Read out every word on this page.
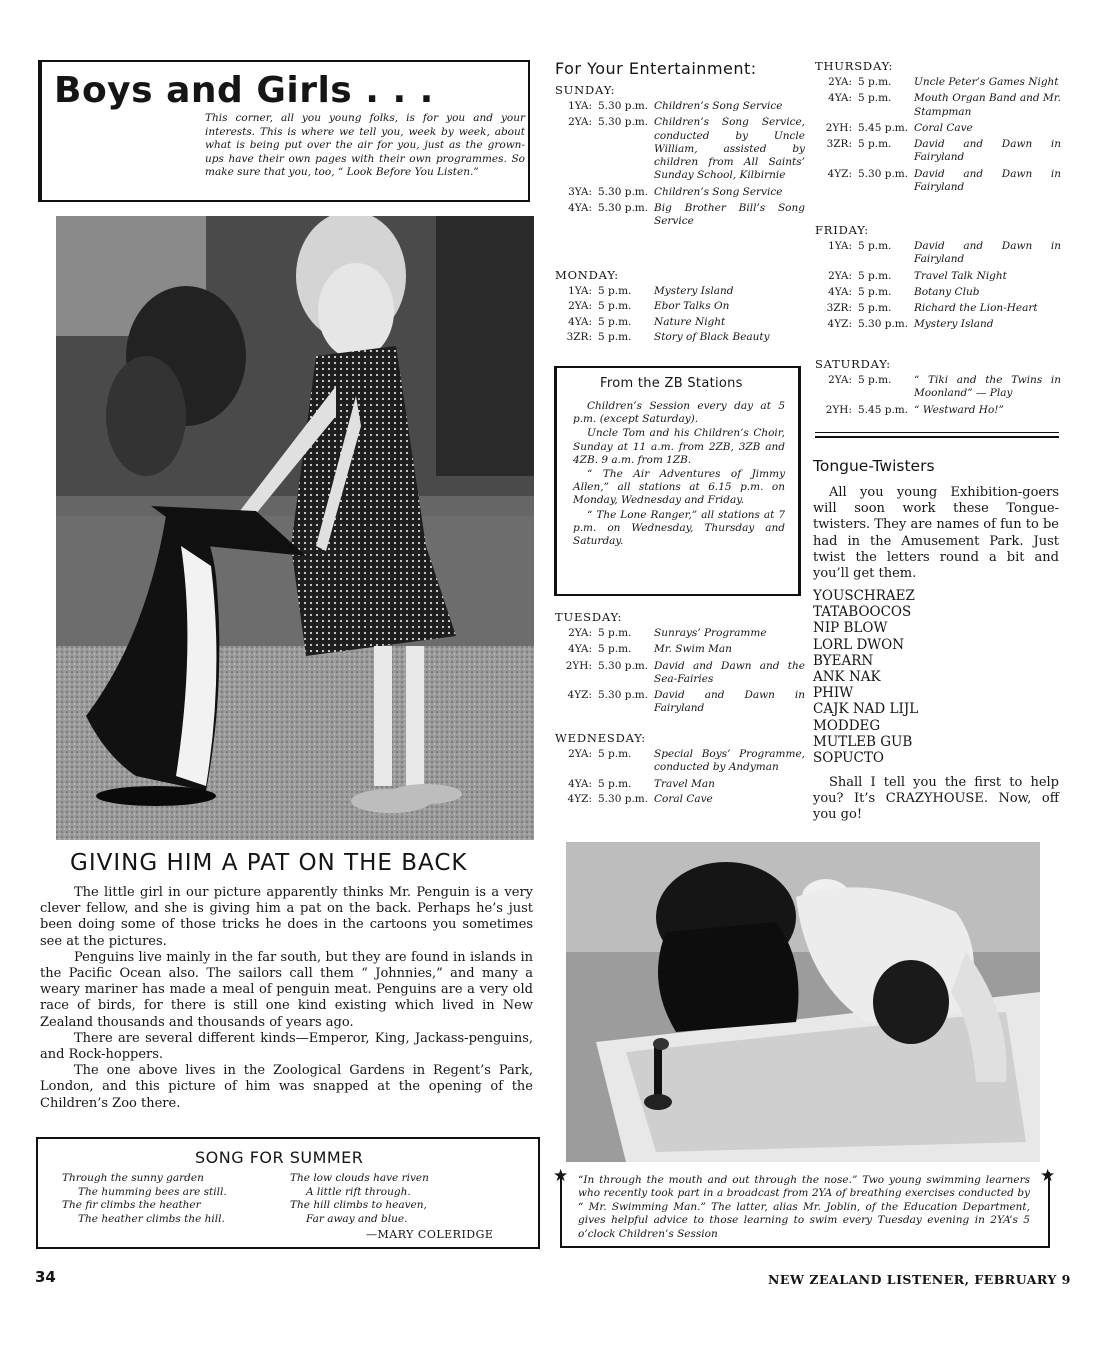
Boys and Girls . . .
This corner, all you young folks, is for you and your interests. This is where we tell you, week by week, about what is being put over the air for you, just as the grown-ups have their own pages with their own programmes. So make sure that you, too, “ Look Before You Listen.”
GIVING HIM A PAT ON THE BACK

The little girl in our picture apparently thinks Mr. Penguin is a very clever fellow, and she is giving him a pat on the back. Perhaps he’s just been doing some of those tricks he does in the cartoons you sometimes see at the pictures.

Penguins live mainly in the far south, but they are found in islands in the Pacific Ocean also. The sailors call them “ Johnnies,” and many a weary mariner has made a meal of penguin meat. Penguins are a very old race of birds, for there is still one kind existing which lived in New Zealand thousands and thousands of years ago.

There are several different kinds—Emperor, King, Jackass-penguins, and Rock-hoppers.

The one above lives in the Zoological Gardens in Regent’s Park, London, and this picture of him was snapped at the opening of the Children’s Zoo there.

SONG FOR SUMMER
Through the sunny garden
The humming bees are still.
The fir climbs the heather
The heather climbs the hill.
The low clouds have riven
A little rift through.
The hill climbs to heaven,
Far away and blue.
—MARY COLERIDGE
For Your Entertainment:
SUNDAY:
1YA: 5.30 p.m. Children’s Song Service
2YA: 5.30 p.m. Children’s Song Service, conducted by Uncle William, assisted by children from All Saints’ Sunday School, Kilbirnie
3YA: 5.30 p.m. Children’s Song Service
4YA: 5.30 p.m. Big Brother Bill’s Song Service
MONDAY:
1YA: 5 p.m.	Mystery Island
2YA: 5 p.m.	Ebor Talks On
4YA: 5 p.m.	Nature Night
3ZR: 5 p.m.	Story of Black Beauty
From the ZB Stations

Children’s Session every day at 5 p.m. (except Saturday).

Uncle Tom and his Children’s Choir, Sunday at 11 a.m. from 2ZB, 3ZB and 4ZB. 9 a.m. from 1ZB.

“ The Air Adventures of Jimmy Allen,” all stations at 6.15 p.m. on Monday, Wednesday and Friday.

“ The Lone Ranger,” all stations at 7 p.m. on Wednesday, Thursday and Saturday.

TUESDAY:
2YA: 5 p.m.	Sunrays’ Programme
4YA: 5 p.m.	Mr. Swim Man
2YH: 5.30 p.m. David and Dawn and the Sea-Fairies
4YZ: 5.30 p.m. David and Dawn in Fairyland
WEDNESDAY:
2YA: 5 p.m.	Special Boys’ Programme, conducted by Andyman
4YA: 5 p.m.	Travel Man
4YZ: 5.30 p.m. Coral Cave
THURSDAY:
2YA: 5 p.m.	Uncle Peter’s Games Night
4YA: 5 p.m.	Mouth Organ Band and Mr. Stampman
2YH: 5.45 p.m. Coral Cave
3ZR: 5 p.m.	David and Dawn in Fairyland
4YZ: 5.30 p.m. David and Dawn in Fairyland
FRIDAY:
1YA: 5 p.m.	David and Dawn in Fairyland
2YA: 5 p.m.	Travel Talk Night
4YA: 5 p.m.	Botany Club
3ZR: 5 p.m.	Richard the Lion-Heart
4YZ: 5.30 p.m. Mystery Island
SATURDAY:
2YA: 5 p.m.	“ Tiki and the Twins in Moonland” — Play
2YH: 5.45 p.m. “ Westward Ho!”
Tongue-Twisters
All you young Exhibition-goers will soon work these Tongue-twisters. They are names of fun to be had in the Amusement Park. Just twist the letters round a bit and you’ll get them.
YOUSCHRAEZ
TATABOOCOS
NIP BLOW
LORL DWON
BYEARN
ANK NAK
PHIW
CAJK NAD LIJL
MODDEG
MUTLEB GUB
SOPUCTO
Shall I tell you the first to help you? It’s CRAZYHOUSE. Now, off you go!
★	★
“In through the mouth and out through the nose.” Two young swimming learners who recently took part in a broadcast from 2YA of breathing exercises conducted by “ Mr. Swimming Man.” The latter, alias Mr. Joblin, of the Education Department, gives helpful advice to those learning to swim every Tuesday evening in 2YA’s 5 o’clock Children’s Session
34	NEW ZEALAND LISTENER, FEBRUARY 9
